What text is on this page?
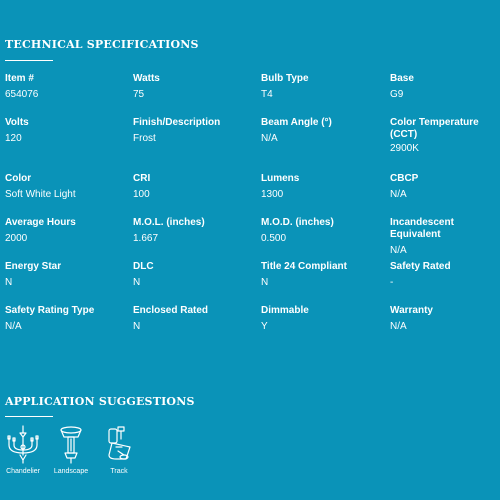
TECHNICAL SPECIFICATIONS
Item #
654076
Watts
75
Bulb Type
T4
Base
G9
Volts
120
Finish/Description
Frost
Beam Angle (°)
N/A
Color Temperature (CCT)
2900K
Color
Soft White Light
CRI
100
Lumens
1300
CBCP
N/A
Average Hours
2000
M.O.L. (inches)
1.667
M.O.D. (inches)
0.500
Incandescent Equivalent
N/A
Energy Star
N
DLC
N
Title 24 Compliant
N
Safety Rated
-
Safety Rating Type
N/A
Enclosed Rated
N
Dimmable
Y
Warranty
N/A
APPLICATION SUGGESTIONS
Chandelier Landscape	Track
